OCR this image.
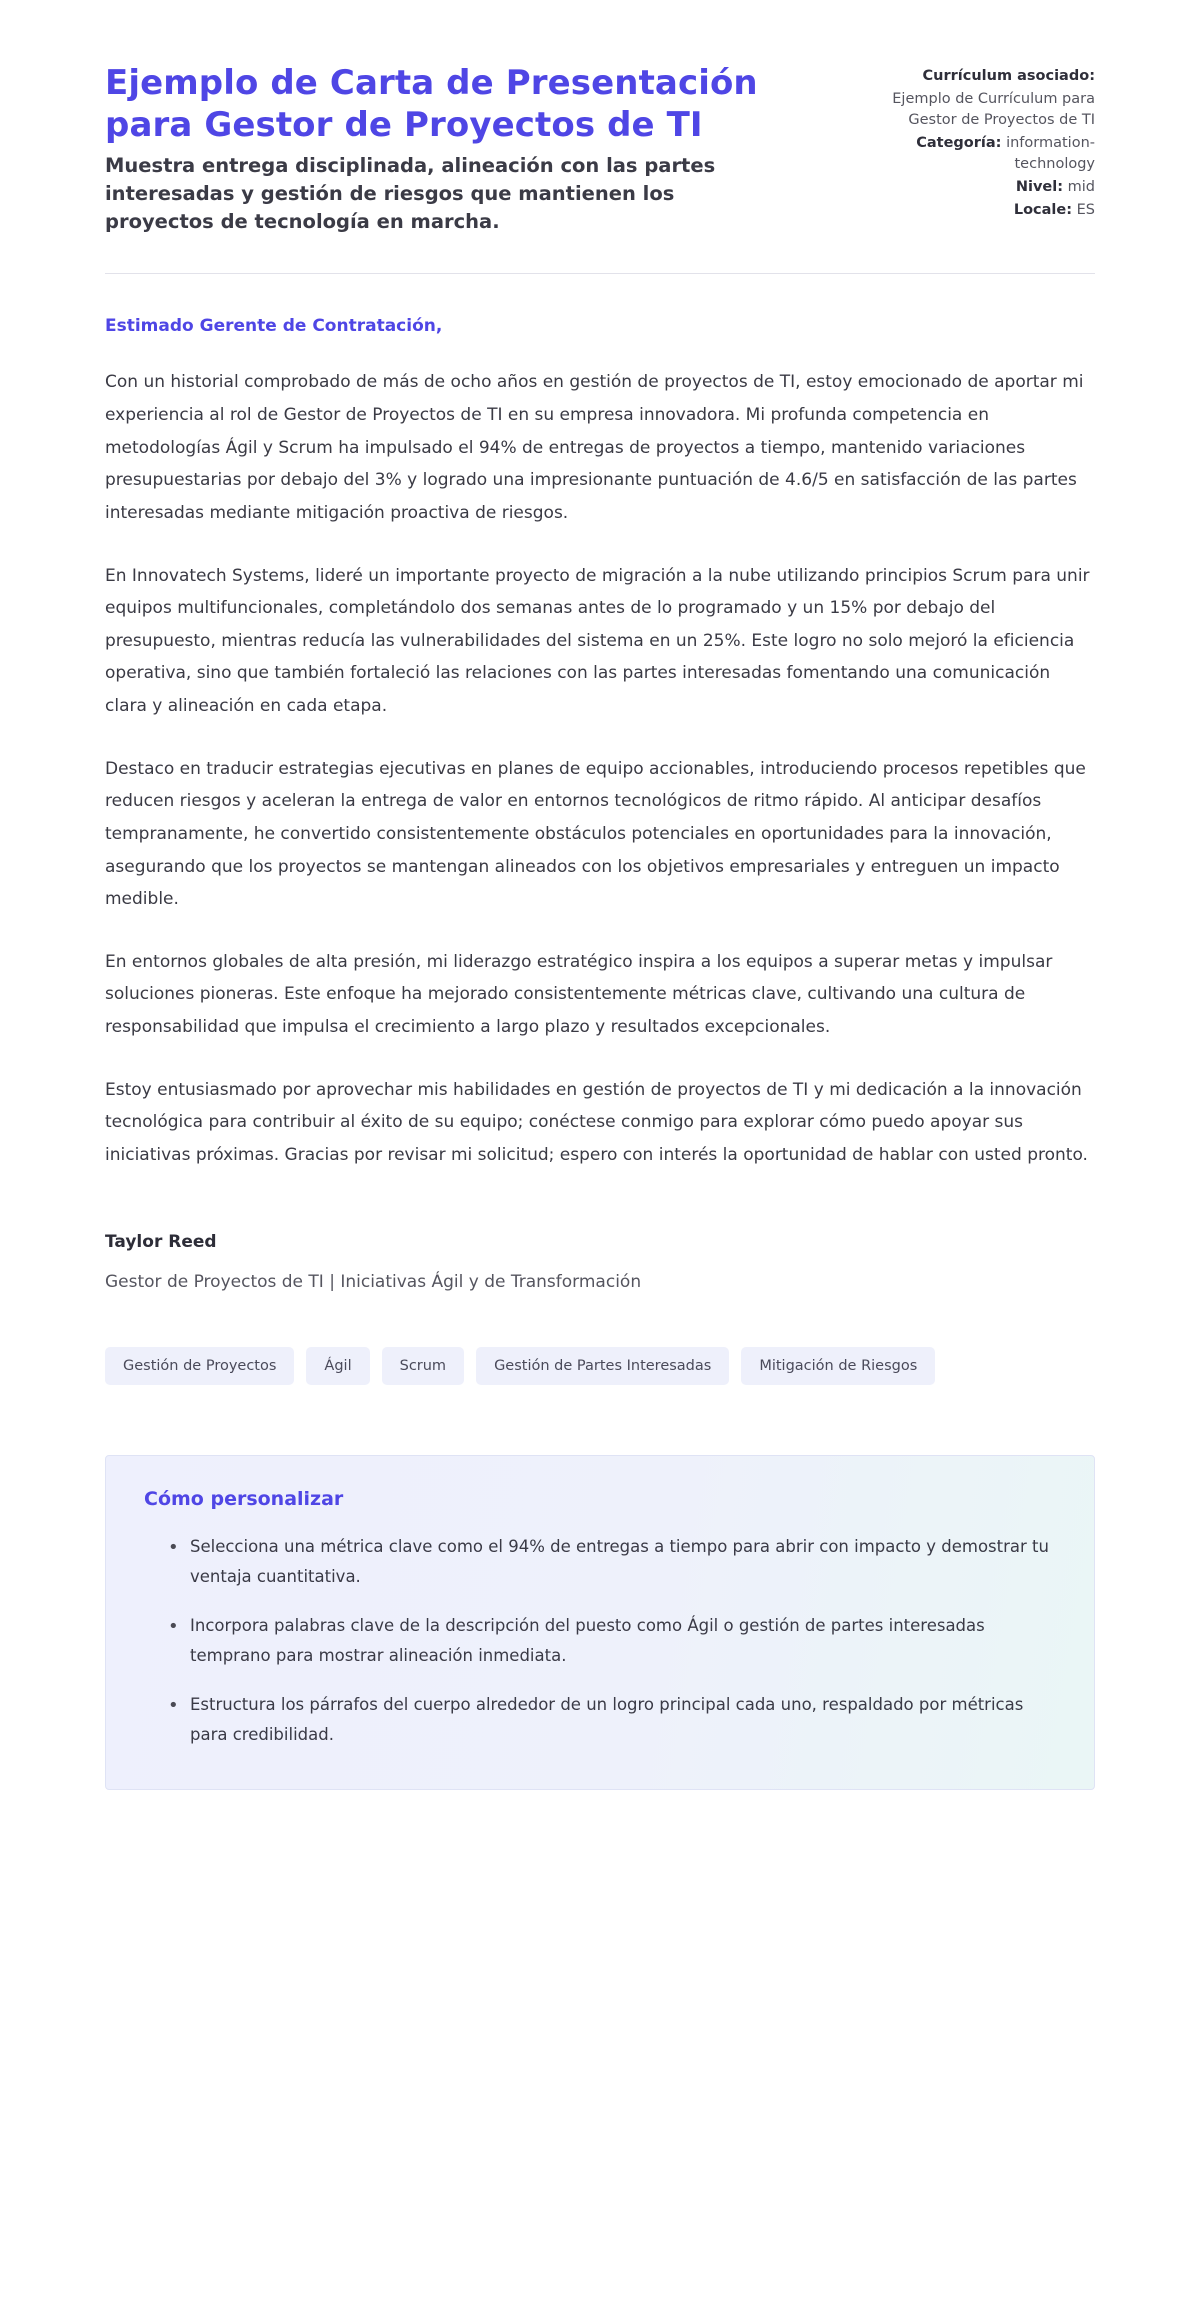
Ejemplo de Carta de Presentación para Gestor de Proyectos de TI

Muestra entrega disciplinada, alineación con las partes interesadas y gestión de riesgos que mantienen los proyectos de tecnología en marcha.

Currículum asociado:
Ejemplo de Currículum para Gestor de Proyectos de TI
Categoría: information-technology
Nivel: mid
Locale: ES

Estimado Gerente de Contratación,

Con un historial comprobado de más de ocho años en gestión de proyectos de TI, estoy emocionado de aportar mi experiencia al rol de Gestor de Proyectos de TI en su empresa innovadora. Mi profunda competencia en metodologías Ágil y Scrum ha impulsado el 94% de entregas de proyectos a tiempo, mantenido variaciones presupuestarias por debajo del 3% y logrado una impresionante puntuación de 4.6/5 en satisfacción de las partes interesadas mediante mitigación proactiva de riesgos.

En Innovatech Systems, lideré un importante proyecto de migración a la nube utilizando principios Scrum para unir equipos multifuncionales, completándolo dos semanas antes de lo programado y un 15% por debajo del presupuesto, mientras reducía las vulnerabilidades del sistema en un 25%. Este logro no solo mejoró la eficiencia operativa, sino que también fortaleció las relaciones con las partes interesadas fomentando una comunicación clara y alineación en cada etapa.

Destaco en traducir estrategias ejecutivas en planes de equipo accionables, introduciendo procesos repetibles que reducen riesgos y aceleran la entrega de valor en entornos tecnológicos de ritmo rápido. Al anticipar desafíos tempranamente, he convertido consistentemente obstáculos potenciales en oportunidades para la innovación, asegurando que los proyectos se mantengan alineados con los objetivos empresariales y entreguen un impacto medible.

En entornos globales de alta presión, mi liderazgo estratégico inspira a los equipos a superar metas y impulsar soluciones pioneras. Este enfoque ha mejorado consistentemente métricas clave, cultivando una cultura de responsabilidad que impulsa el crecimiento a largo plazo y resultados excepcionales.

Estoy entusiasmado por aprovechar mis habilidades en gestión de proyectos de TI y mi dedicación a la innovación tecnológica para contribuir al éxito de su equipo; conéctese conmigo para explorar cómo puedo apoyar sus iniciativas próximas. Gracias por revisar mi solicitud; espero con interés la oportunidad de hablar con usted pronto.

Taylor Reed

Gestor de Proyectos de TI | Iniciativas Ágil y de Transformación

Gestión de Proyectos	Ágil	Scrum	Gestión de Partes Interesadas	Mitigación de Riesgos
Cómo personalizar
• Selecciona una métrica clave como el 94% de entregas a tiempo para abrir con impacto y demostrar tu ventaja cuantitativa.
• Incorpora palabras clave de la descripción del puesto como Ágil o gestión de partes interesadas temprano para mostrar alineación inmediata.
• Estructura los párrafos del cuerpo alrededor de un logro principal cada uno, respaldado por métricas para credibilidad.
